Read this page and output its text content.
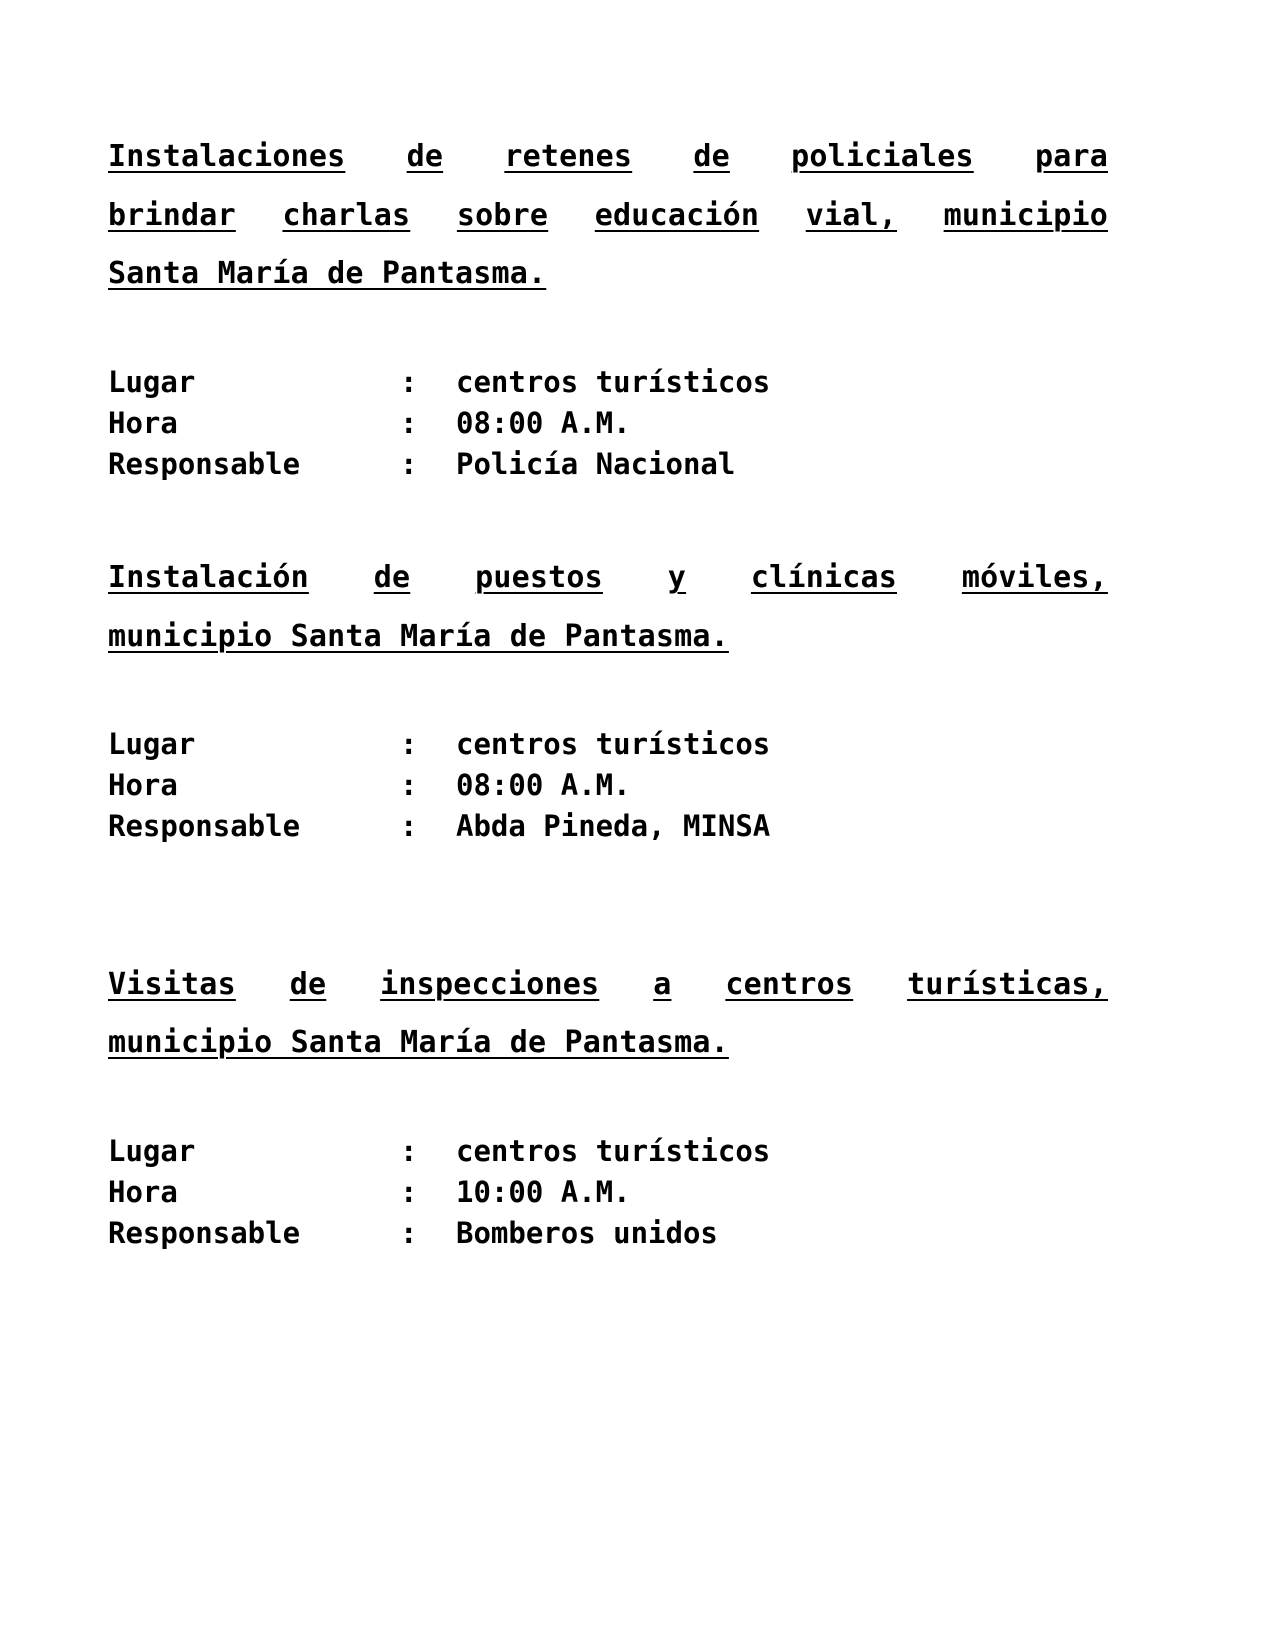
Instalaciones de retenes de policiales para
brindar charlas sobre educación vial, municipio
Santa María de Pantasma.

Lugar	:	centros turísticos
Hora	:	08:00 A.M.
Responsable	:	Policía Nacional

Instalación de puestos y clínicas móviles,
municipio Santa María de Pantasma.

Lugar	:	centros turísticos
Hora	:	08:00 A.M.
Responsable	:	Abda Pineda, MINSA

Visitas de inspecciones a centros turísticas,
municipio Santa María de Pantasma.

Lugar	:	centros turísticos
Hora	:	10:00 A.M.
Responsable	:	Bomberos unidos
